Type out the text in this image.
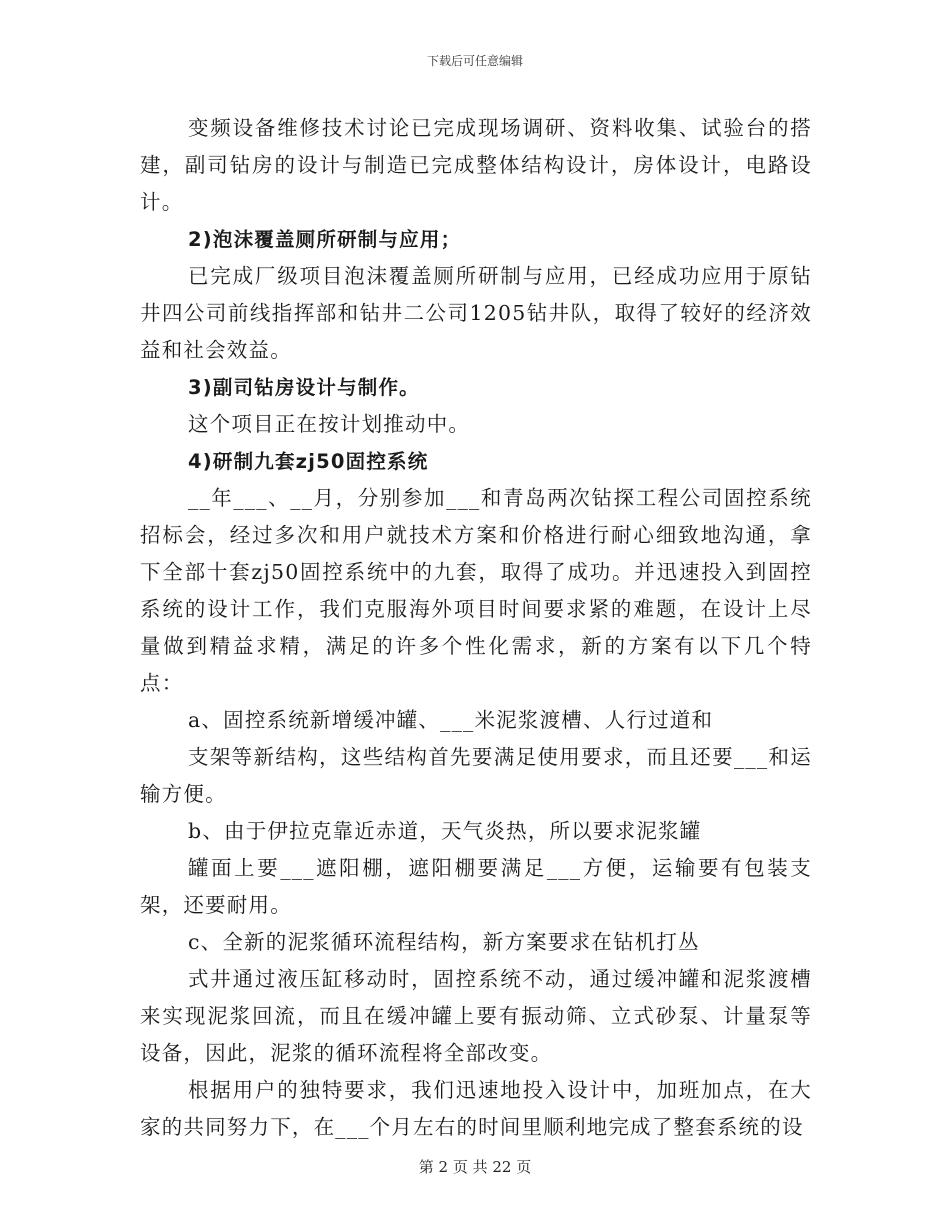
下载后可任意编辑

变频设备维修技术讨论已完成现场调研、资料收集、试验台的搭建，副司钻房的设计与制造已完成整体结构设计，房体设计，电路设计。

2)泡沫覆盖厕所研制与应用；

已完成厂级项目泡沫覆盖厕所研制与应用，已经成功应用于原钻井四公司前线指挥部和钻井二公司1205钻井队，取得了较好的经济效益和社会效益。

3)副司钻房设计与制作。

这个项目正在按计划推动中。

4)研制九套zj50固控系统

__年___、__月，分别参加___和青岛两次钻探工程公司固控系统招标会，经过多次和用户就技术方案和价格进行耐心细致地沟通，拿下全部十套zj50固控系统中的九套，取得了成功。并迅速投入到固控系统的设计工作，我们克服海外项目时间要求紧的难题，在设计上尽量做到精益求精，满足的许多个性化需求，新的方案有以下几个特点：

a、固控系统新增缓冲罐、___米泥浆渡槽、人行过道和

支架等新结构，这些结构首先要满足使用要求，而且还要___和运输方便。

b、由于伊拉克靠近赤道，天气炎热，所以要求泥浆罐

罐面上要___遮阳棚，遮阳棚要满足___方便，运输要有包装支架，还要耐用。

c、全新的泥浆循环流程结构，新方案要求在钻机打丛

式井通过液压缸移动时，固控系统不动，通过缓冲罐和泥浆渡槽来实现泥浆回流，而且在缓冲罐上要有振动筛、立式砂泵、计量泵等设备，因此，泥浆的循环流程将全部改变。

根据用户的独特要求，我们迅速地投入设计中，加班加点，在大家的共同努力下，在___个月左右的时间里顺利地完成了整套系统的设

第 2 页 共 22 页
